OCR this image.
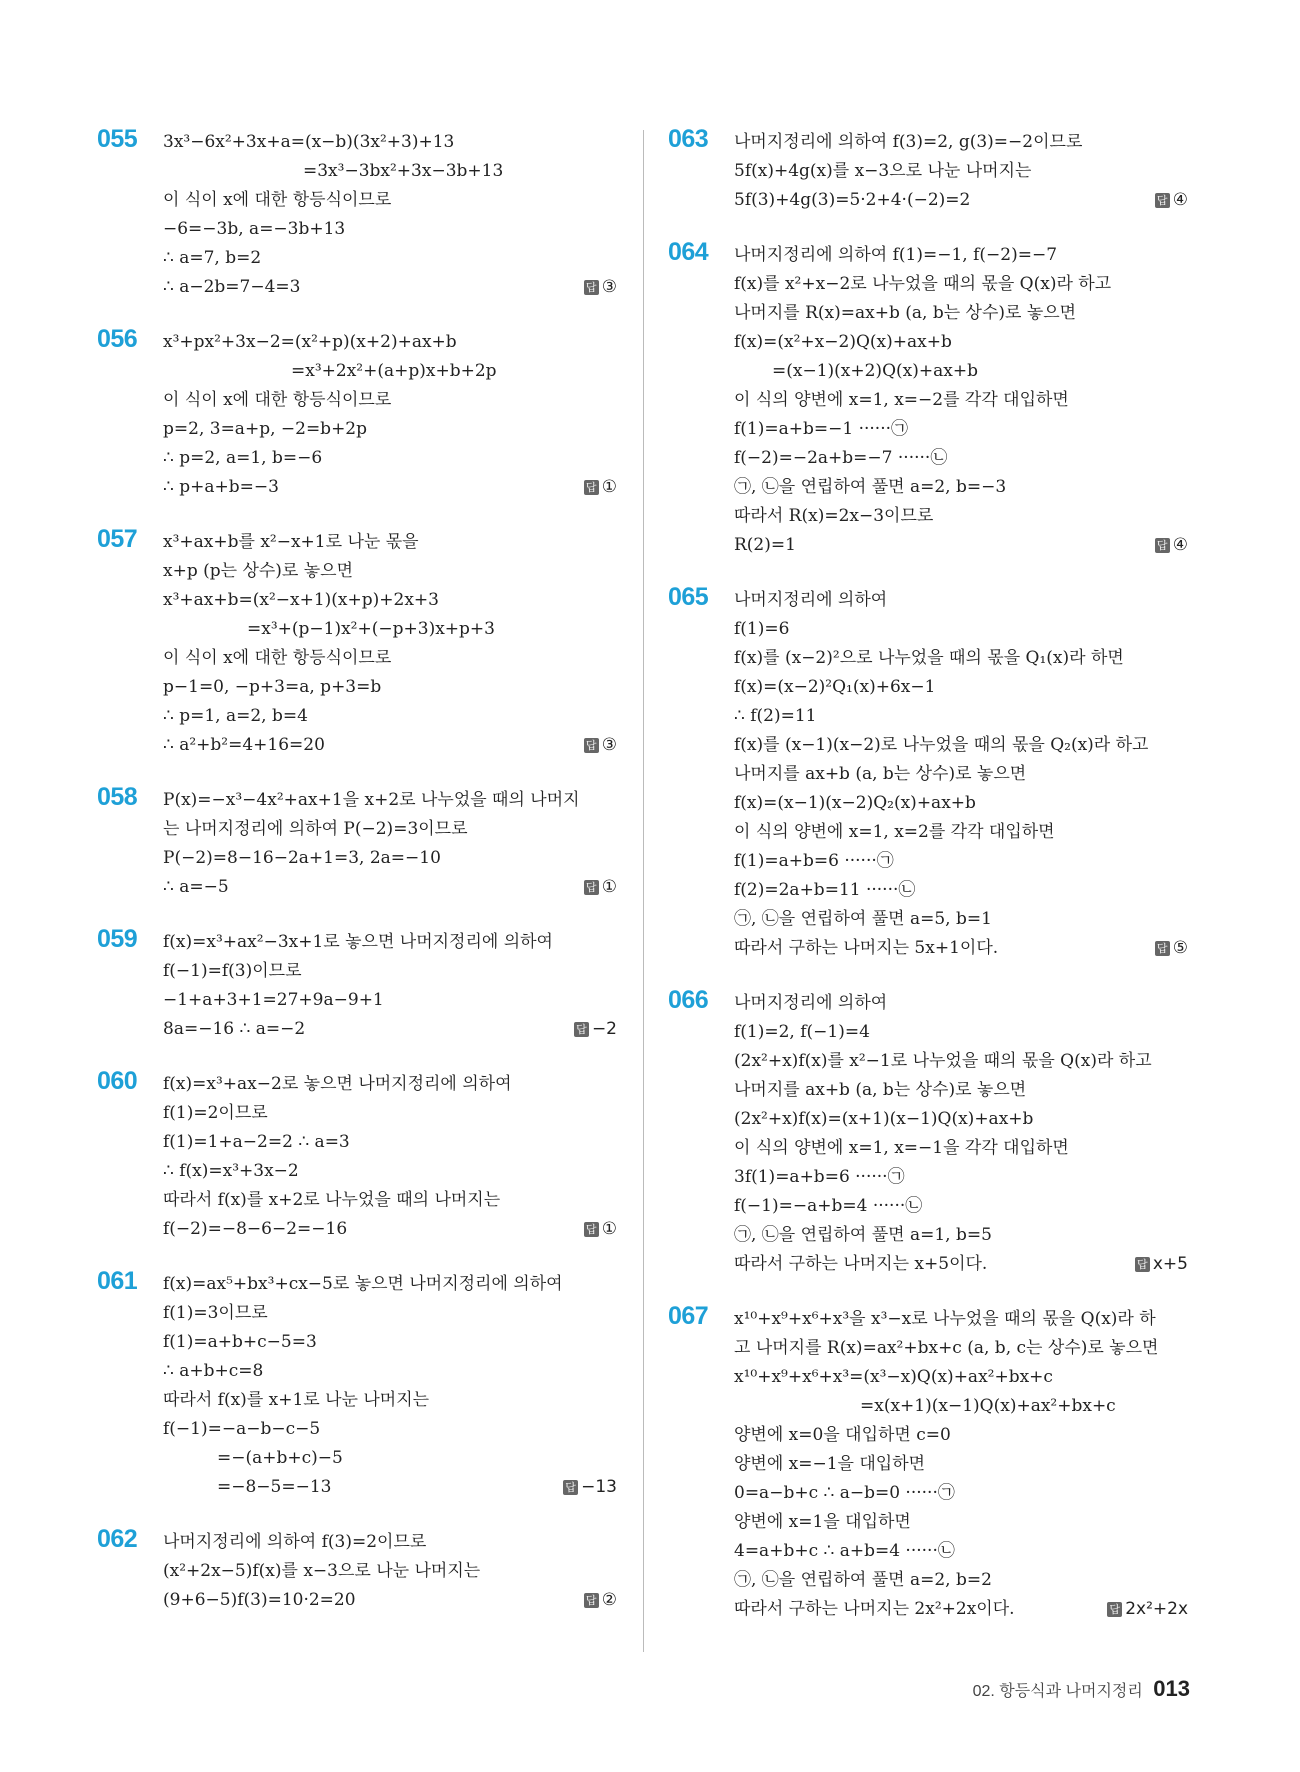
055 3x³−6x²+3x+a=(x−b)(3x²+3)+13
=3x³−3bx²+3x−3b+13
이 식이 x에 대한 항등식이므로
−6=−3b, a=−3b+13
∴ a=7, b=2
∴ a−2b=7−4=3	답 ③
056 x³+px²+3x−2=(x²+p)(x+2)+ax+b
=x³+2x²+(a+p)x+b+2p
이 식이 x에 대한 항등식이므로
p=2, 3=a+p, −2=b+2p
∴ p=2, a=1, b=−6
∴ p+a+b=−3	답 ①
057 x³+ax+b를 x²−x+1로 나눈 몫을
x+p (p는 상수)로 놓으면
x³+ax+b=(x²−x+1)(x+p)+2x+3
=x³+(p−1)x²+(−p+3)x+p+3
이 식이 x에 대한 항등식이므로
p−1=0, −p+3=a, p+3=b
∴ p=1, a=2, b=4
∴ a²+b²=4+16=20	답 ③
058 P(x)=−x³−4x²+ax+1을 x+2로 나누었을 때의 나머지
는 나머지정리에 의하여 P(−2)=3이므로
P(−2)=8−16−2a+1=3, 2a=−10
∴ a=−5	답 ①
059 f(x)=x³+ax²−3x+1로 놓으면 나머지정리에 의하여
f(−1)=f(3)이므로
−1+a+3+1=27+9a−9+1
8a=−16 ∴ a=−2	답 −2
060 f(x)=x³+ax−2로 놓으면 나머지정리에 의하여
f(1)=2이므로
f(1)=1+a−2=2 ∴ a=3
∴ f(x)=x³+3x−2
따라서 f(x)를 x+2로 나누었을 때의 나머지는
f(−2)=−8−6−2=−16	답 ①
061 f(x)=ax⁵+bx³+cx−5로 놓으면 나머지정리에 의하여
f(1)=3이므로
f(1)=a+b+c−5=3
∴ a+b+c=8
따라서 f(x)를 x+1로 나눈 나머지는
f(−1)=−a−b−c−5
=−(a+b+c)−5
=−8−5=−13	답 −13
062 나머지정리에 의하여 f(3)=2이므로
(x²+2x−5)f(x)를 x−3으로 나눈 나머지는
(9+6−5)f(3)=10·2=20	답 ②
063 나머지정리에 의하여 f(3)=2, g(3)=−2이므로
5f(x)+4g(x)를 x−3으로 나눈 나머지는
5f(3)+4g(3)=5·2+4·(−2)=2	답 ④
064 나머지정리에 의하여 f(1)=−1, f(−2)=−7
f(x)를 x²+x−2로 나누었을 때의 몫을 Q(x)라 하고
나머지를 R(x)=ax+b (a, b는 상수)로 놓으면
f(x)=(x²+x−2)Q(x)+ax+b
=(x−1)(x+2)Q(x)+ax+b
이 식의 양변에 x=1, x=−2를 각각 대입하면
f(1)=a+b=−1 ······㉠
f(−2)=−2a+b=−7 ······㉡
㉠, ㉡을 연립하여 풀면 a=2, b=−3
따라서 R(x)=2x−3이므로
R(2)=1	답 ④
065 나머지정리에 의하여
f(1)=6
f(x)를 (x−2)²으로 나누었을 때의 몫을 Q₁(x)라 하면
f(x)=(x−2)²Q₁(x)+6x−1
∴ f(2)=11
f(x)를 (x−1)(x−2)로 나누었을 때의 몫을 Q₂(x)라 하고
나머지를 ax+b (a, b는 상수)로 놓으면
f(x)=(x−1)(x−2)Q₂(x)+ax+b
이 식의 양변에 x=1, x=2를 각각 대입하면
f(1)=a+b=6 ······㉠
f(2)=2a+b=11 ······㉡
㉠, ㉡을 연립하여 풀면 a=5, b=1
따라서 구하는 나머지는 5x+1이다.	답 ⑤
066 나머지정리에 의하여
f(1)=2, f(−1)=4
(2x²+x)f(x)를 x²−1로 나누었을 때의 몫을 Q(x)라 하고
나머지를 ax+b (a, b는 상수)로 놓으면
(2x²+x)f(x)=(x+1)(x−1)Q(x)+ax+b
이 식의 양변에 x=1, x=−1을 각각 대입하면
3f(1)=a+b=6 ······㉠
f(−1)=−a+b=4 ······㉡
㉠, ㉡을 연립하여 풀면 a=1, b=5
따라서 구하는 나머지는 x+5이다.	답 x+5
067 x¹⁰+x⁹+x⁶+x³을 x³−x로 나누었을 때의 몫을 Q(x)라 하
고 나머지를 R(x)=ax²+bx+c (a, b, c는 상수)로 놓으면
x¹⁰+x⁹+x⁶+x³=(x³−x)Q(x)+ax²+bx+c
=x(x+1)(x−1)Q(x)+ax²+bx+c
양변에 x=0을 대입하면 c=0
양변에 x=−1을 대입하면
0=a−b+c ∴ a−b=0 ······㉠
양변에 x=1을 대입하면
4=a+b+c ∴ a+b=4 ······㉡
㉠, ㉡을 연립하여 풀면 a=2, b=2
따라서 구하는 나머지는 2x²+2x이다.	답 2x²+2x
02. 항등식과 나머지정리 013
